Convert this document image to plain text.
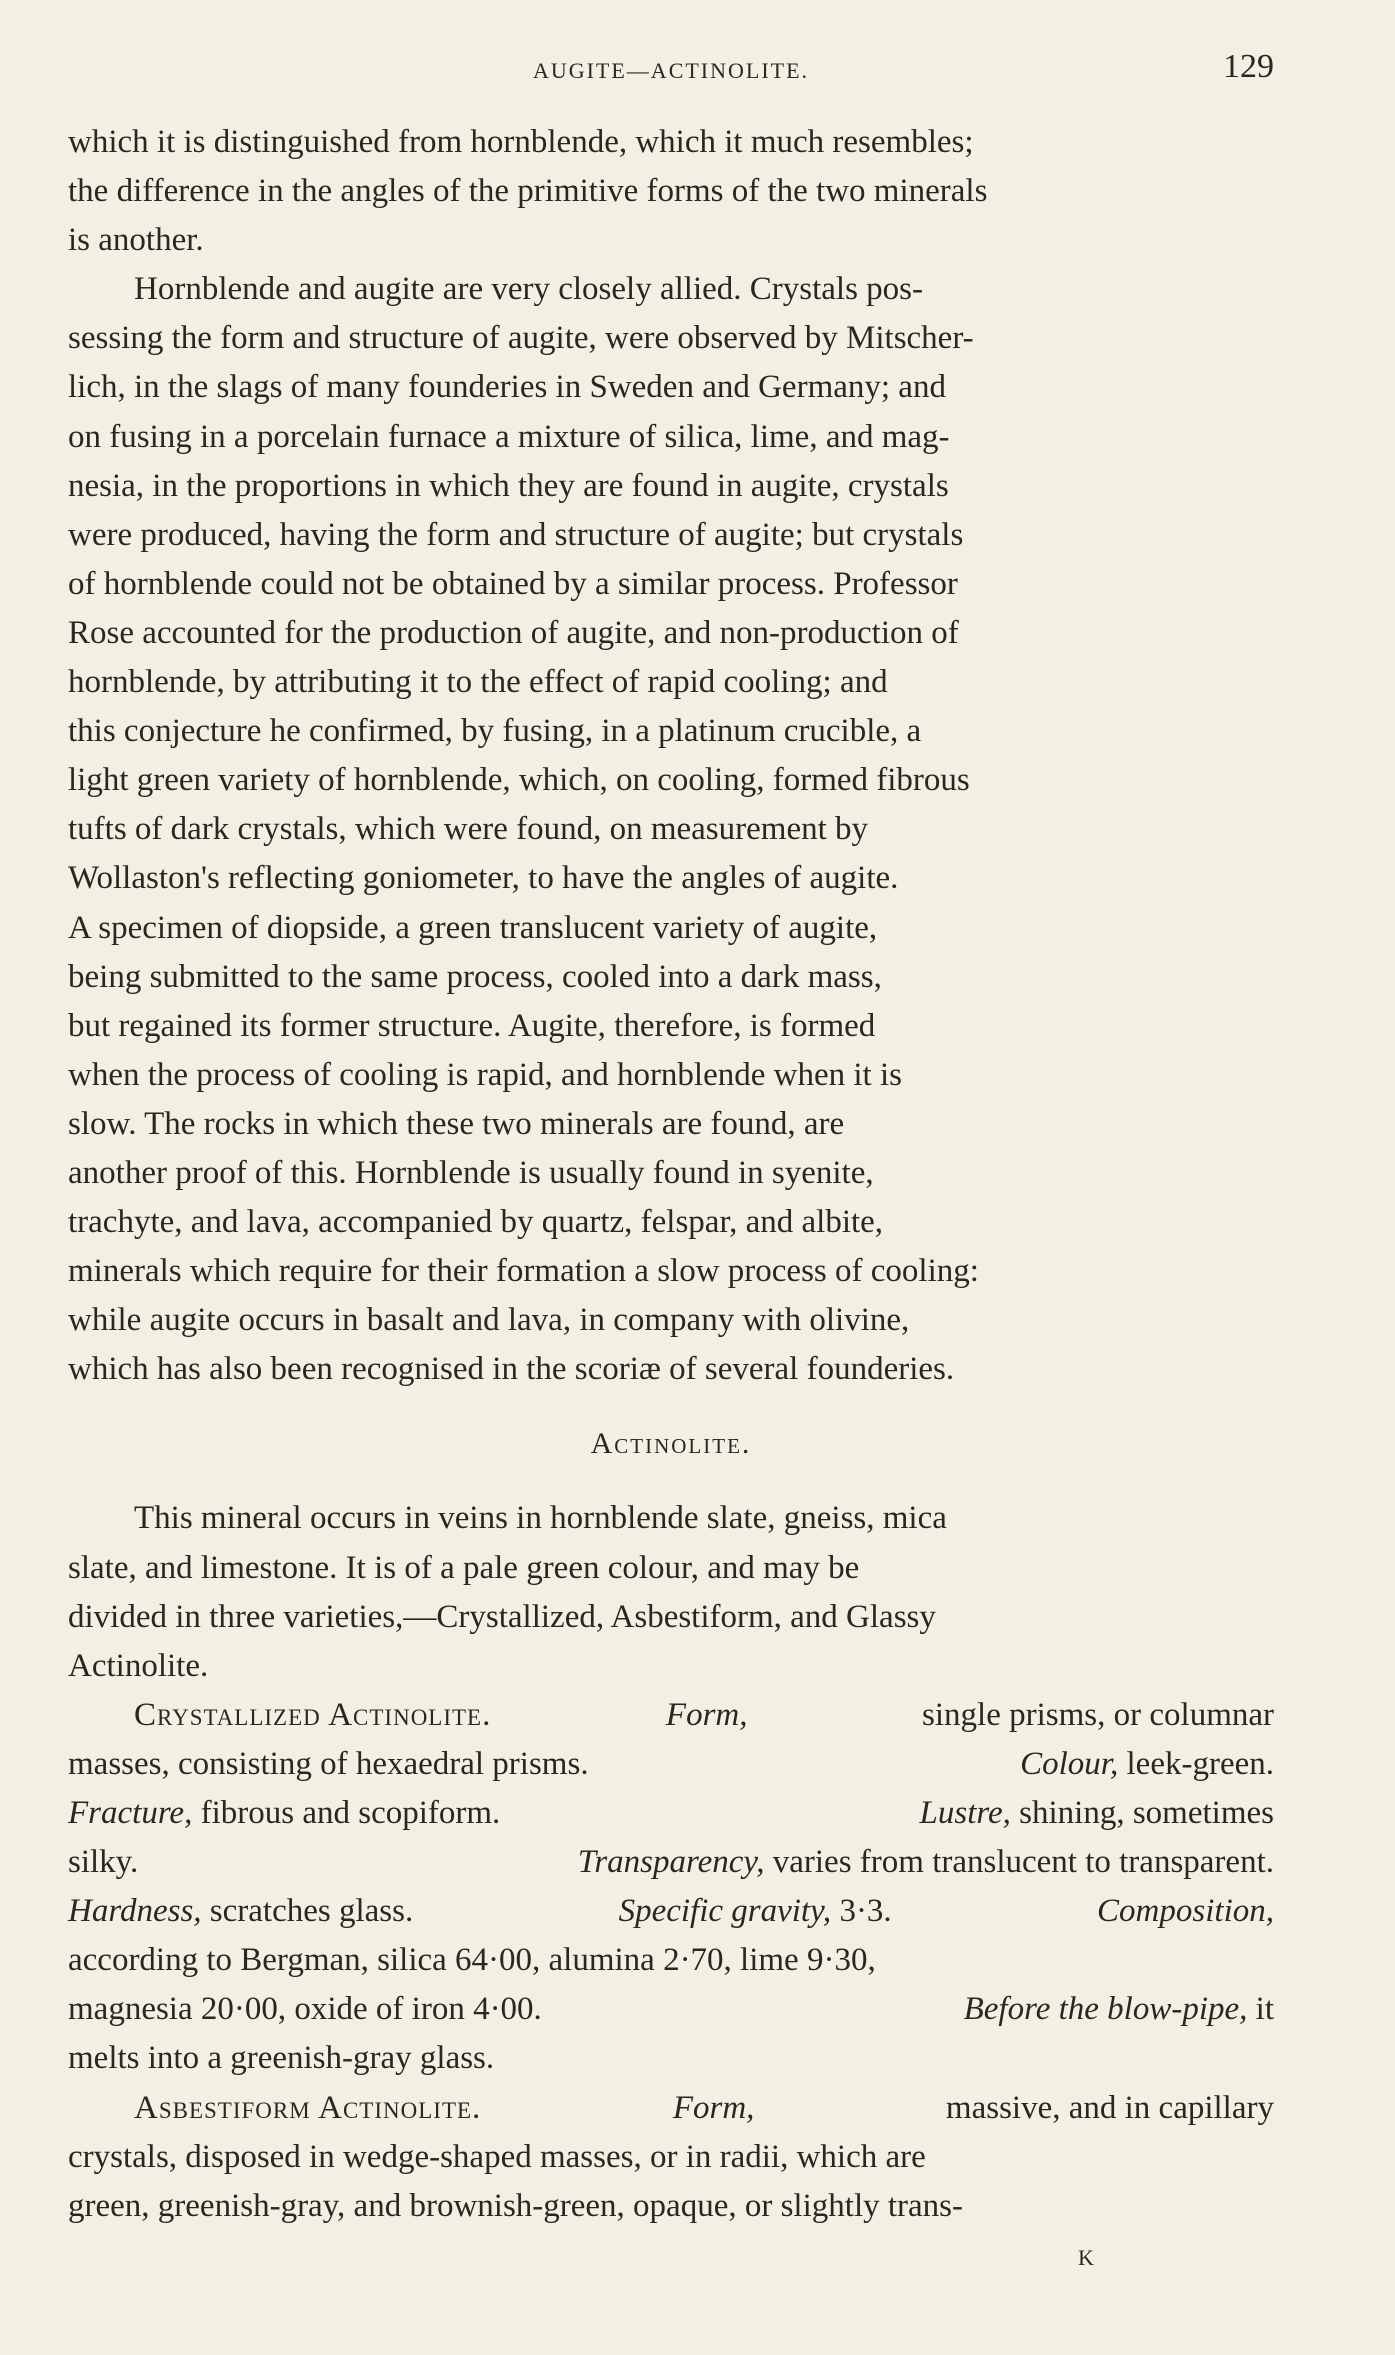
AUGITE—ACTINOLITE.	129
which it is distinguished from hornblende, which it much resembles;
the difference in the angles of the primitive forms of the two minerals
is another.
Hornblende and augite are very closely allied. Crystals pos-
sessing the form and structure of augite, were observed by Mitscher-
lich, in the slags of many founderies in Sweden and Germany; and
on fusing in a porcelain furnace a mixture of silica, lime, and mag-
nesia, in the proportions in which they are found in augite, crystals
were produced, having the form and structure of augite; but crystals
of hornblende could not be obtained by a similar process. Professor
Rose accounted for the production of augite, and non-production of
hornblende, by attributing it to the effect of rapid cooling; and
this conjecture he confirmed, by fusing, in a platinum crucible, a
light green variety of hornblende, which, on cooling, formed fibrous
tufts of dark crystals, which were found, on measurement by
Wollaston's reflecting goniometer, to have the angles of augite.
A specimen of diopside, a green translucent variety of augite,
being submitted to the same process, cooled into a dark mass,
but regained its former structure. Augite, therefore, is formed
when the process of cooling is rapid, and hornblende when it is
slow. The rocks in which these two minerals are found, are
another proof of this. Hornblende is usually found in syenite,
trachyte, and lava, accompanied by quartz, felspar, and albite,
minerals which require for their formation a slow process of cooling:
while augite occurs in basalt and lava, in company with olivine,
which has also been recognised in the scoriæ of several founderies.
Actinolite.
This mineral occurs in veins in hornblende slate, gneiss, mica
slate, and limestone. It is of a pale green colour, and may be
divided in three varieties,—Crystallized, Asbestiform, and Glassy
Actinolite.
Crystallized Actinolite.	Form,	single prisms, or columnar
masses, consisting of hexaedral prisms.	Colour, leek-green.
Fracture, fibrous and scopiform.	Lustre, shining, sometimes
silky.	Transparency, varies from translucent to transparent.
Hardness, scratches glass.	Specific gravity, 3·3.	Composition,
according to Bergman, silica 64·00, alumina 2·70, lime 9·30,
magnesia 20·00, oxide of iron 4·00.	Before the blow-pipe, it
melts into a greenish-gray glass.
Asbestiform Actinolite.	Form,	massive, and in capillary
crystals, disposed in wedge-shaped masses, or in radii, which are
green, greenish-gray, and brownish-green, opaque, or slightly trans-
K
